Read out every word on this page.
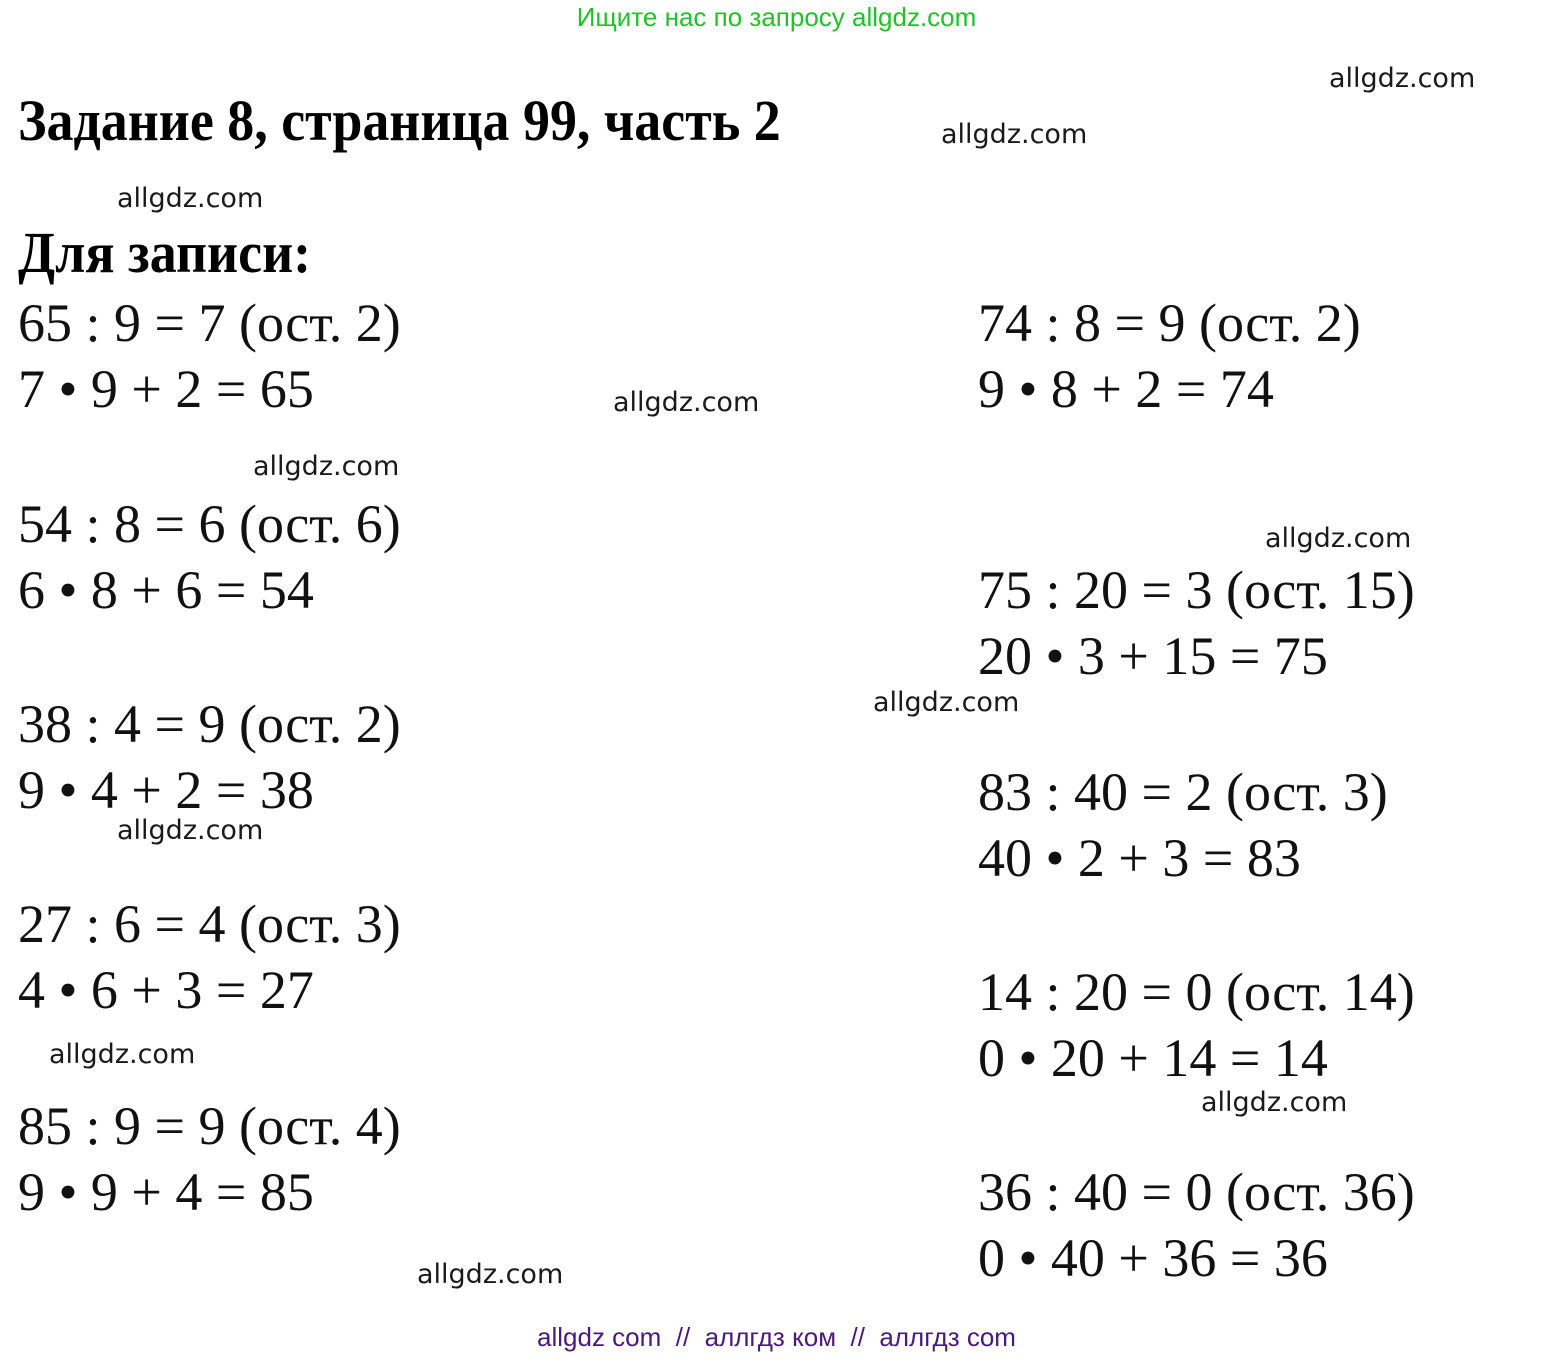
Ищите нас по запросу allgdz.com
Задание 8, страница 99, часть 2
Для записи:
allgdz.com
allgdz.com
allgdz.com
allgdz.com
allgdz.com
allgdz.com
allgdz.com
allgdz.com
allgdz.com
allgdz.com
allgdz.com
65 : 9 = 7 (ост. 2)
7 • 9 + 2 = 65
54 : 8 = 6 (ост. 6)
6 • 8 + 6 = 54
38 : 4 = 9 (ост. 2)
9 • 4 + 2 = 38
27 : 6 = 4 (ост. 3)
4 • 6 + 3 = 27
85 : 9 = 9 (ост. 4)
9 • 9 + 4 = 85
74 : 8 = 9 (ост. 2)
9 • 8 + 2 = 74
75 : 20 = 3 (ост. 15)
20 • 3 + 15 = 75
83 : 40 = 2 (ост. 3)
40 • 2 + 3 = 83
14 : 20 = 0 (ост. 14)
0 • 20 + 14 = 14
36 : 40 = 0 (ост. 36)
0 • 40 + 36 = 36
allgdz com  //  аллгдз ком  //  аллгдз com
